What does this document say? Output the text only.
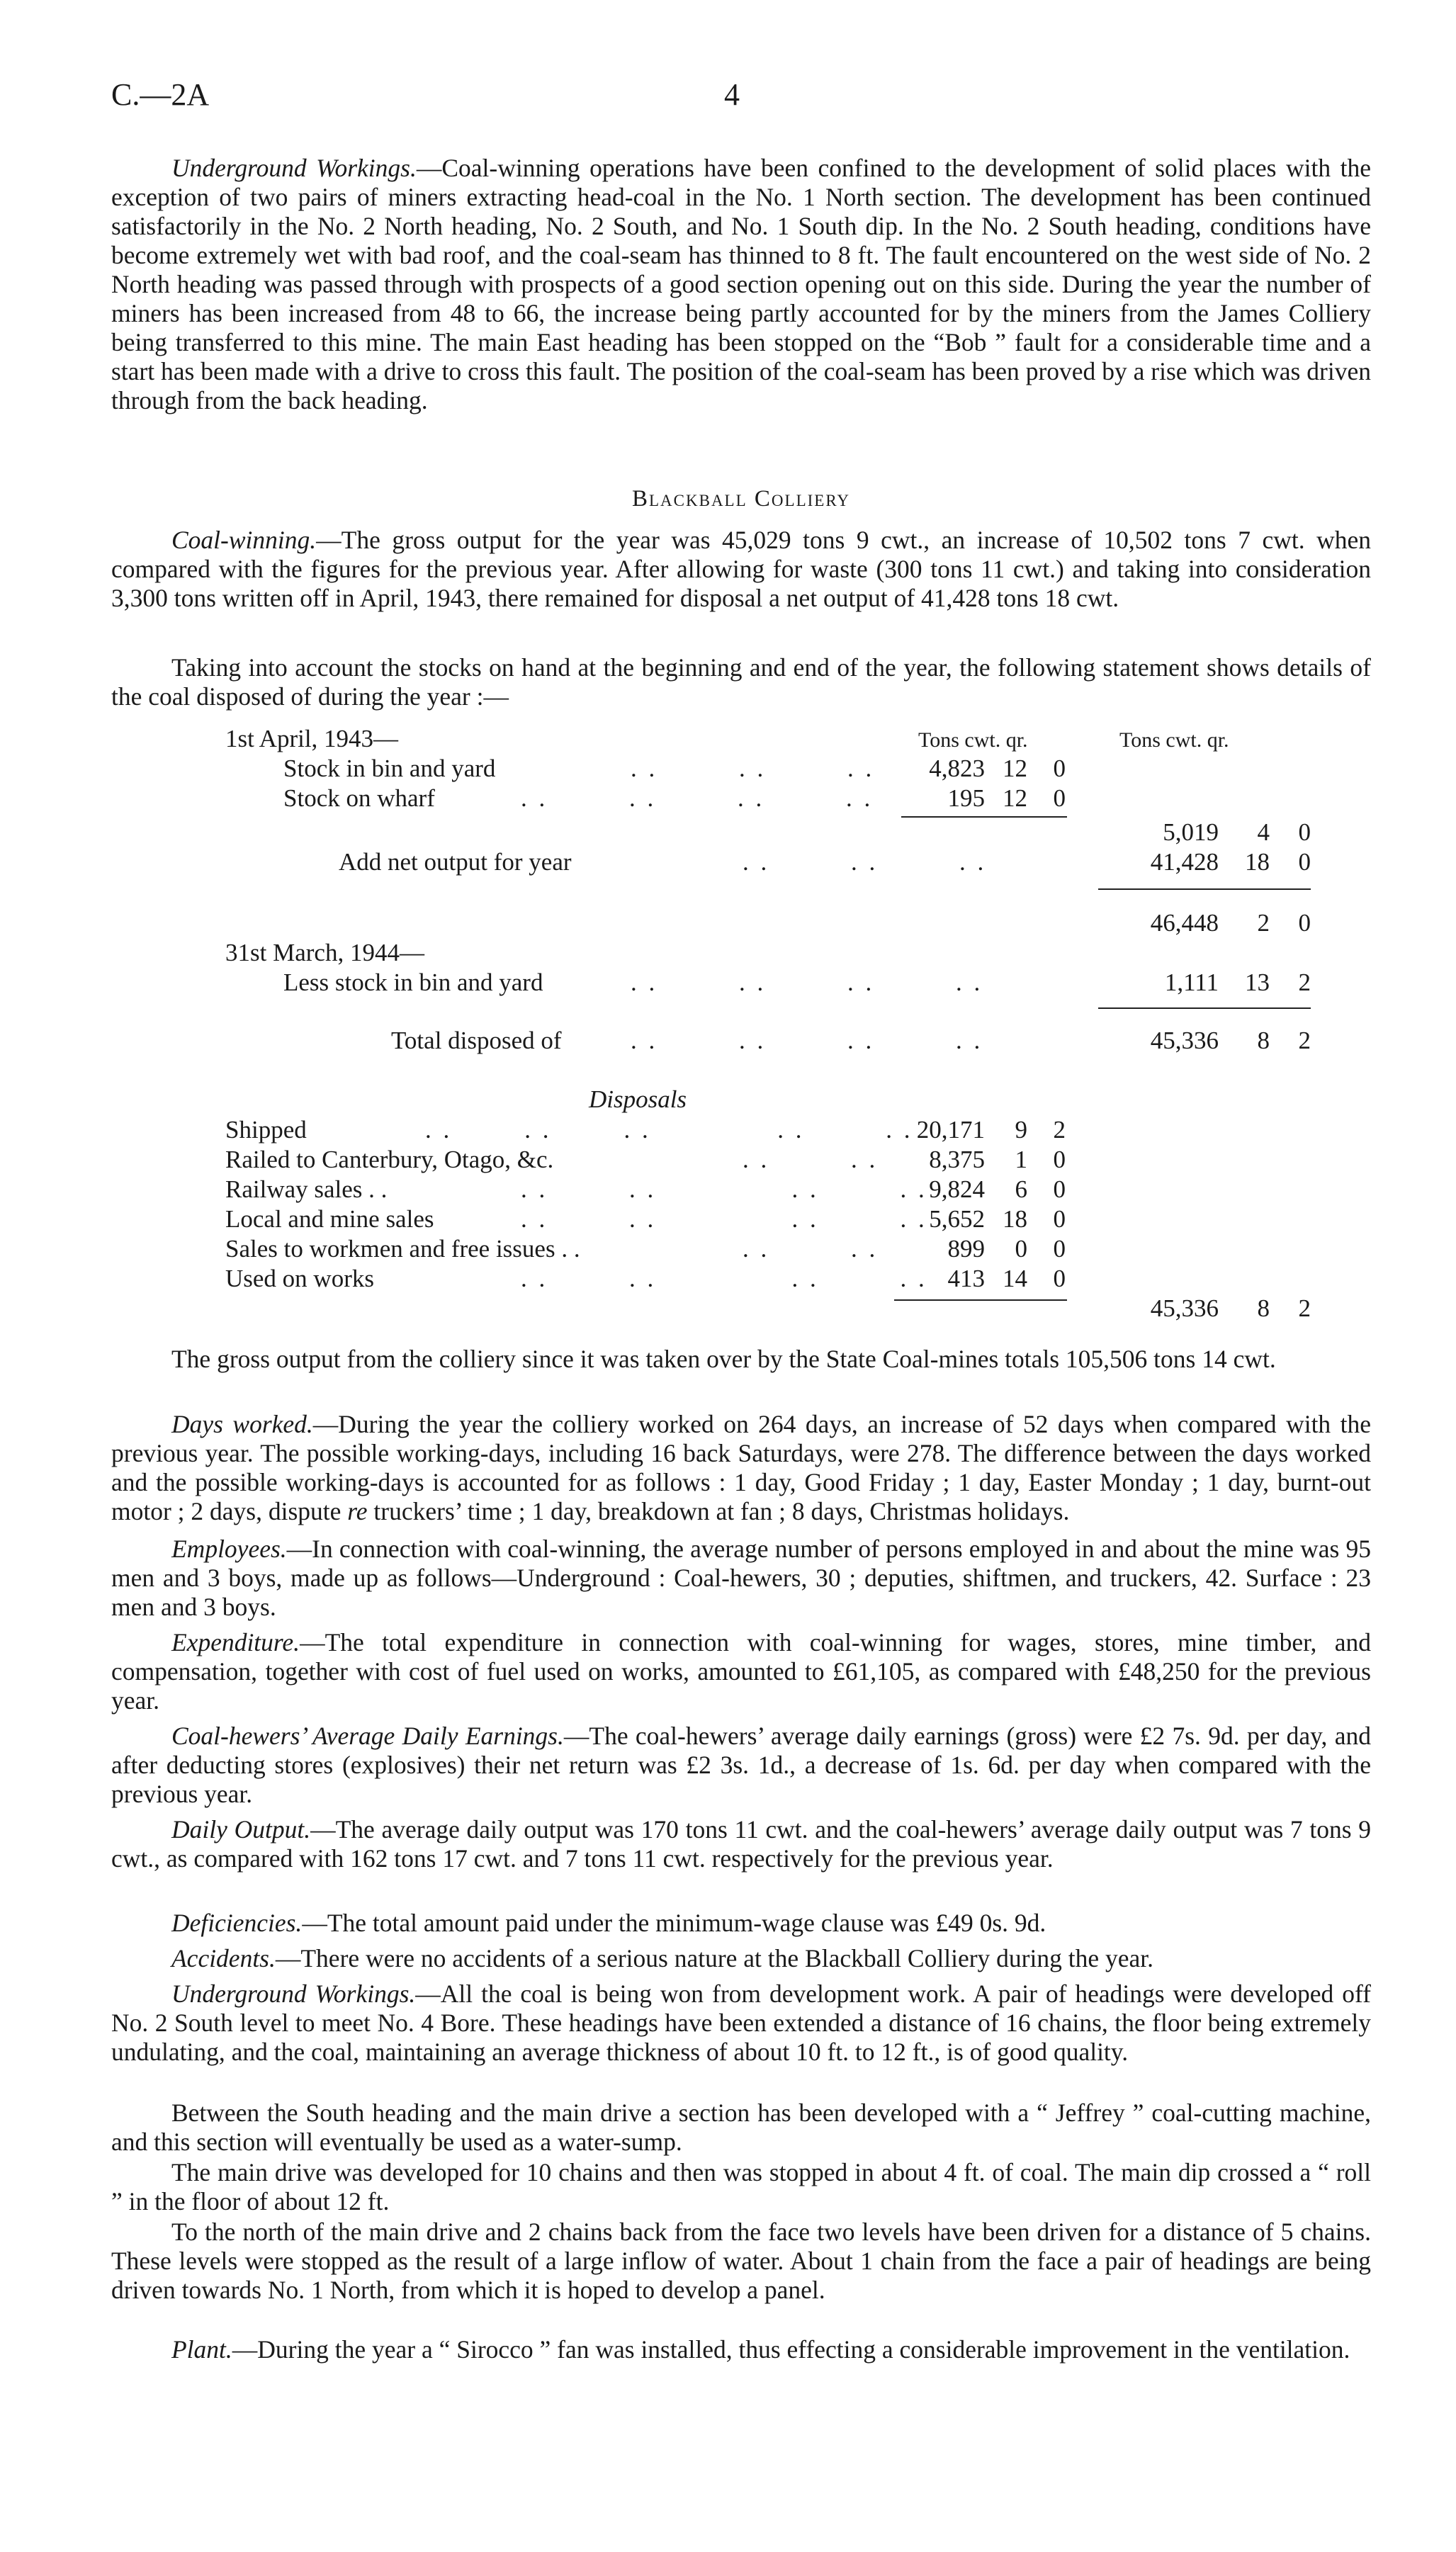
C.—2A	4
Underground Workings.—Coal-winning operations have been confined to the development of solid places with the exception of two pairs of miners extracting head-coal in the No. 1 North section. The development has been continued satisfactorily in the No. 2 North heading, No. 2 South, and No. 1 South dip. In the No. 2 South heading, conditions have become extremely wet with bad roof, and the coal-seam has thinned to 8 ft. The fault encountered on the west side of No. 2 North heading was passed through with prospects of a good section opening out on this side. During the year the number of miners has been increased from 48 to 66, the increase being partly accounted for by the miners from the James Colliery being transferred to this mine. The main East heading has been stopped on the “Bob ” fault for a considerable time and a start has been made with a drive to cross this fault. The position of the coal-seam has been proved by a rise which was driven through from the back heading.
Blackball Colliery
Coal-winning.—The gross output for the year was 45,029 tons 9 cwt., an increase of 10,502 tons 7 cwt. when compared with the figures for the previous year. After allowing for waste (300 tons 11 cwt.) and taking into consideration 3,300 tons written off in April, 1943, there remained for disposal a net output of 41,428 tons 18 cwt.
Taking into account the stocks on hand at the beginning and end of the year, the following statement shows details of the coal disposed of during the year :—
Tons cwt. qr.	Tons cwt. qr.
1st April, 1943—
Stock in bin and yard	. .         . .         . .	4,823 12	0
Stock on wharf	. .         . .         . .         . .	195 12	0
5,019	4	0
Add net output for year	. .         . .         . .	41,428	18	0
46,448	2	0
31st March, 1944—
Less stock in bin and yard	. .         . .         . .         . .	1,111	13	2
Total disposed of	. .         . .         . .         . .	45,336	8	2
Disposals
Shipped	. .        . .        . .              . .         . . 20,171	9	2
Railed to Canterbury, Otago, &c.	. .         . .	8,375	1	0
Railway sales . .	. .         . .               . .         . . 9,824	6	0
Local and mine sales	. .         . .               . .         . . 5,652 18	0
Sales to workmen and free issues . .	. .         . .	899	0	0
Used on works	. .         . .               . .         . . 413 14	0
45,336	8	2
The gross output from the colliery since it was taken over by the State Coal-mines totals 105,506 tons 14 cwt.
Days worked.—During the year the colliery worked on 264 days, an increase of 52 days when compared with the previous year. The possible working-days, including 16 back Saturdays, were 278. The difference between the days worked and the possible working-days is accounted for as follows : 1 day, Good Friday ; 1 day, Easter Monday ; 1 day, burnt-out motor ; 2 days, dispute re truckers’ time ; 1 day, breakdown at fan ; 8 days, Christmas holidays.
Employees.—In connection with coal-winning, the average number of persons employed in and about the mine was 95 men and 3 boys, made up as follows—Underground : Coal-hewers, 30 ; deputies, shiftmen, and truckers, 42. Surface : 23 men and 3 boys.
Expenditure.—The total expenditure in connection with coal-winning for wages, stores, mine timber, and compensation, together with cost of fuel used on works, amounted to £61,105, as compared with £48,250 for the previous year.
Coal-hewers’ Average Daily Earnings.—The coal-hewers’ average daily earnings (gross) were £2 7s. 9d. per day, and after deducting stores (explosives) their net return was £2 3s. 1d., a decrease of 1s. 6d. per day when compared with the previous year.
Daily Output.—The average daily output was 170 tons 11 cwt. and the coal-hewers’ average daily output was 7 tons 9 cwt., as compared with 162 tons 17 cwt. and 7 tons 11 cwt. respectively for the previous year.
Deficiencies.—The total amount paid under the minimum-wage clause was £49 0s. 9d.
Accidents.—There were no accidents of a serious nature at the Blackball Colliery during the year.
Underground Workings.—All the coal is being won from development work. A pair of headings were developed off No. 2 South level to meet No. 4 Bore. These headings have been extended a distance of 16 chains, the floor being extremely undulating, and the coal, maintaining an average thickness of about 10 ft. to 12 ft., is of good quality.
Between the South heading and the main drive a section has been developed with a “ Jeffrey ” coal-cutting machine, and this section will eventually be used as a water-sump.
The main drive was developed for 10 chains and then was stopped in about 4 ft. of coal. The main dip crossed a “ roll ” in the floor of about 12 ft.
To the north of the main drive and 2 chains back from the face two levels have been driven for a distance of 5 chains. These levels were stopped as the result of a large inflow of water. About 1 chain from the face a pair of headings are being driven towards No. 1 North, from which it is hoped to develop a panel.
Plant.—During the year a “ Sirocco ” fan was installed, thus effecting a considerable improvement in the ventilation.
